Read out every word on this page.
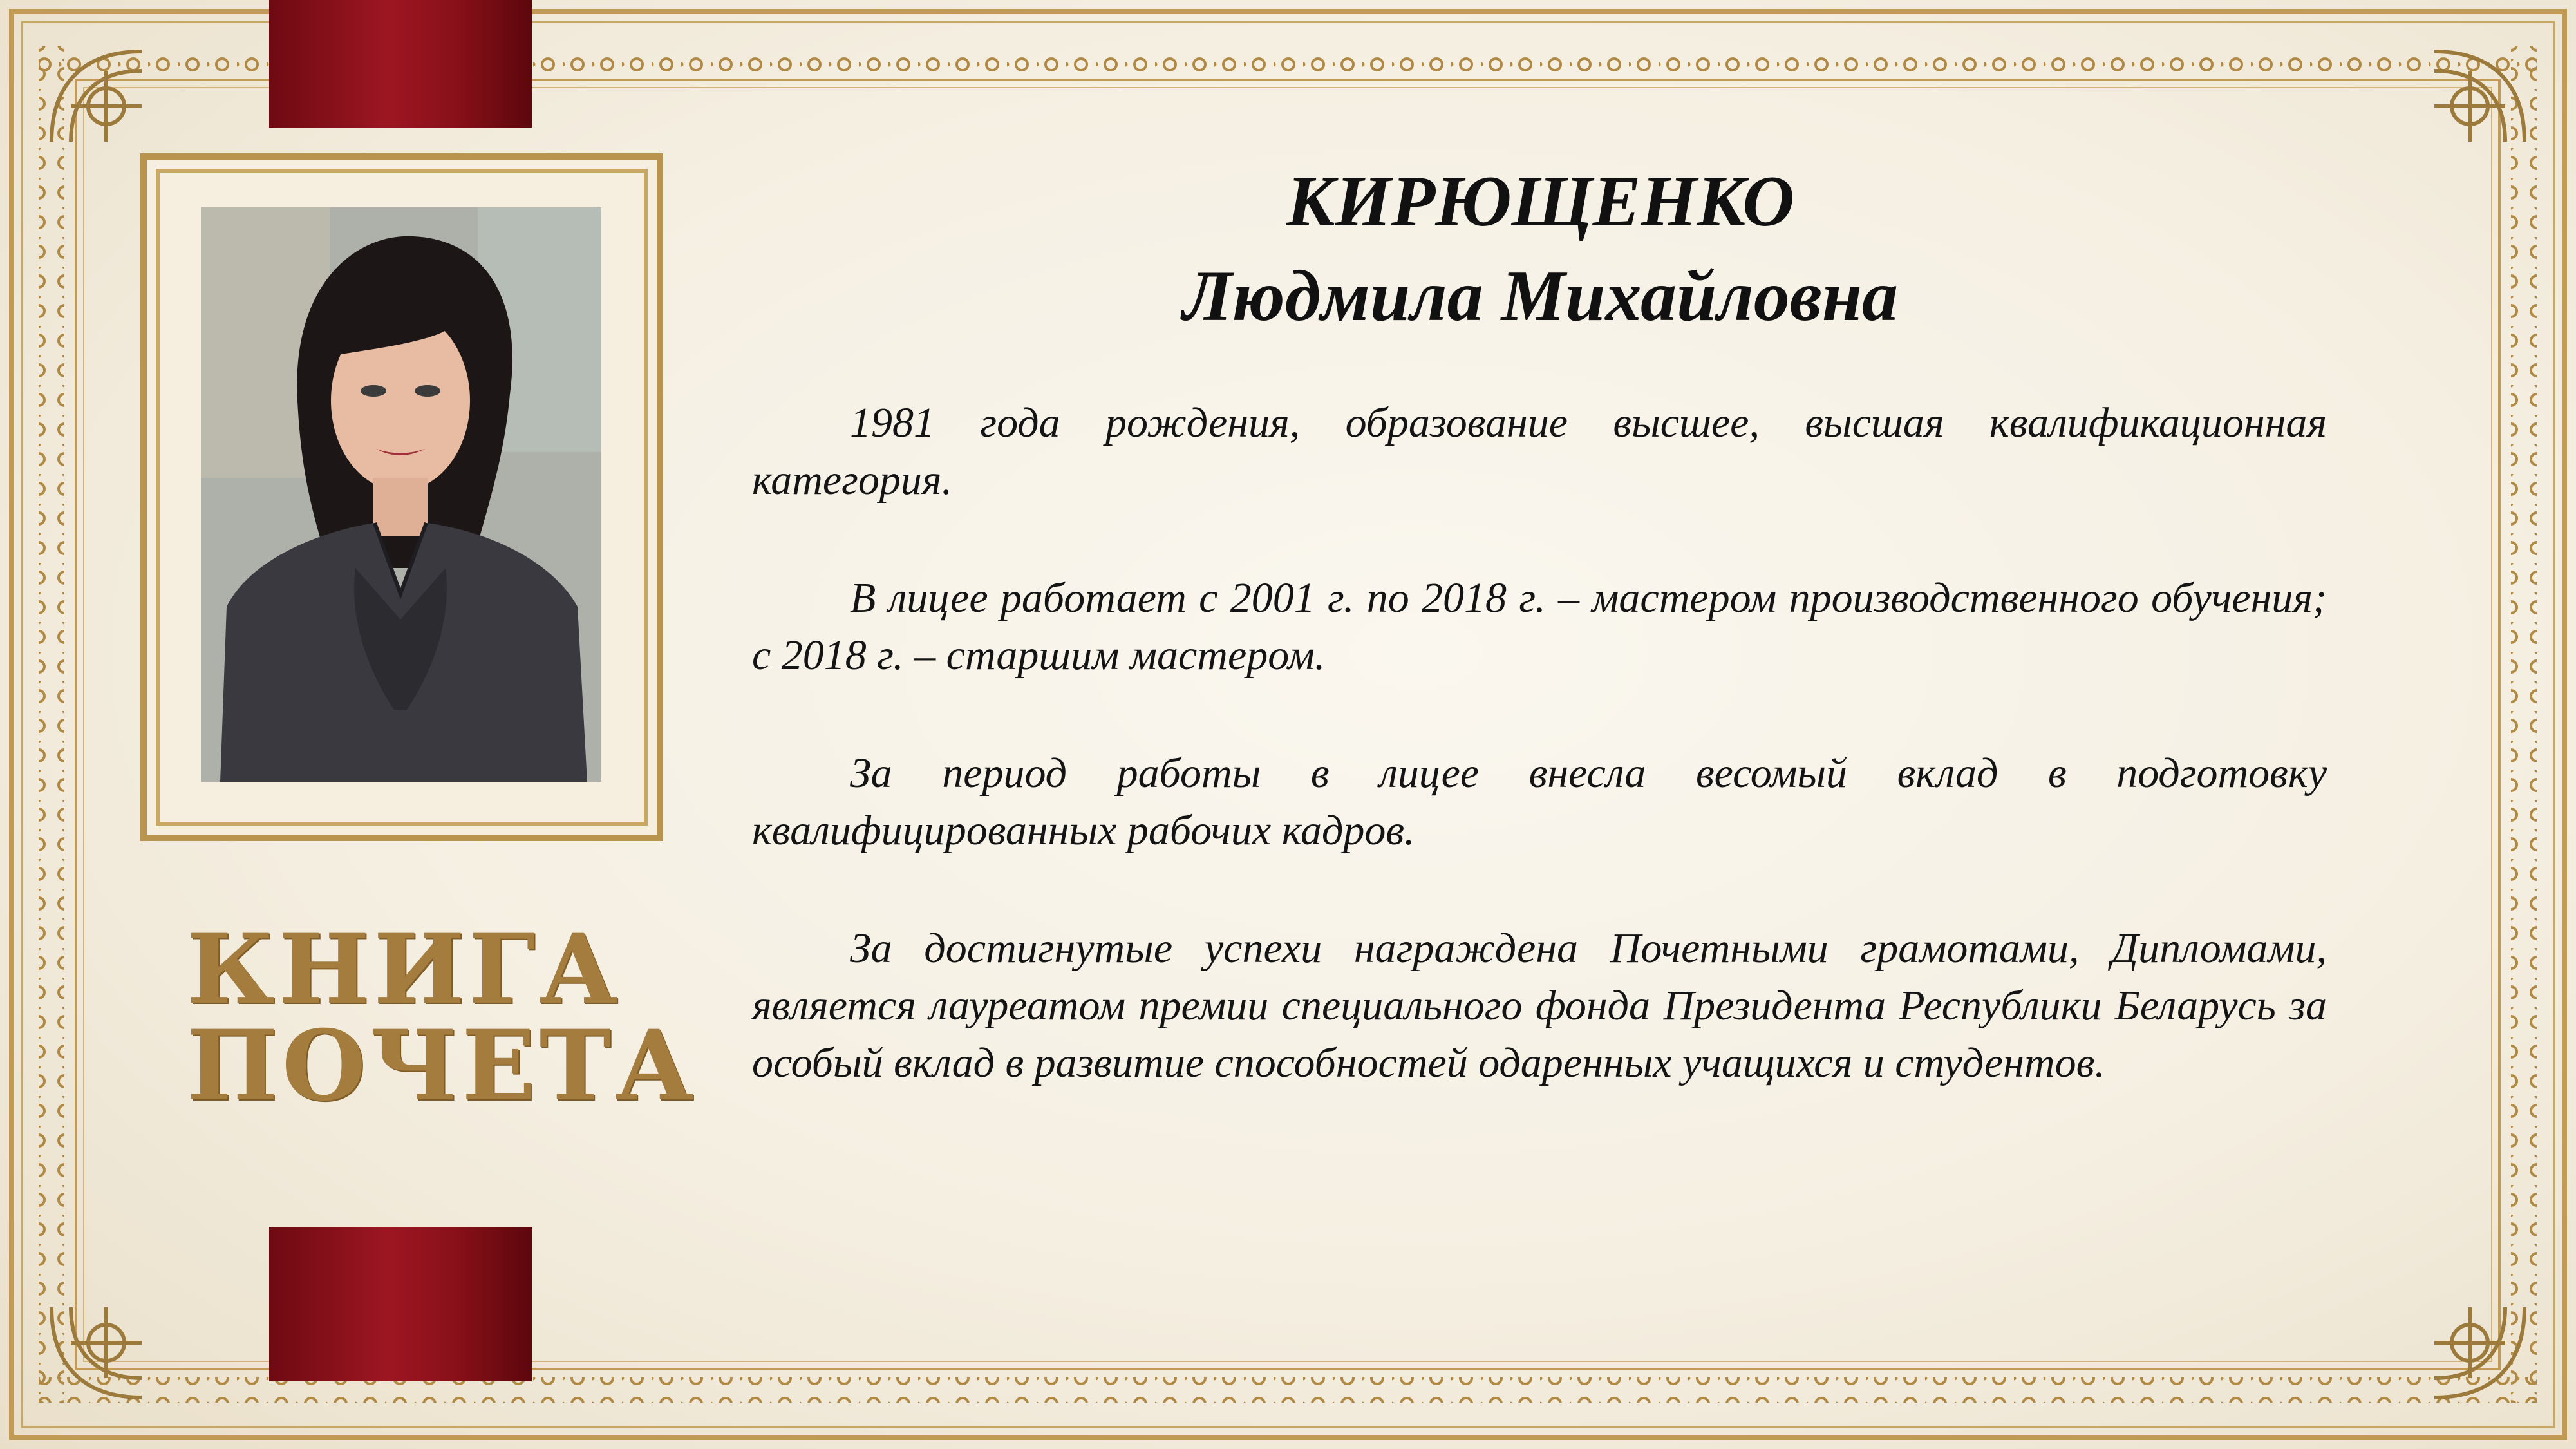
КНИГА
ПОЧЕТА
КИРЮЩЕНКО
Людмила Михайловна

1981 года рождения, образование высшее, высшая квалификационная категория.

В лицее работает с 2001 г. по 2018 г. – мастером производственного обучения; с 2018 г. – старшим мастером.

За период работы в лицее внесла весомый вклад в подготовку квалифицированных рабочих кадров.

За достигнутые успехи награждена Почетными грамотами, Дипломами, является лауреатом премии специального фонда Президента Республики Беларусь за особый вклад в развитие способностей одаренных учащихся и студентов.
